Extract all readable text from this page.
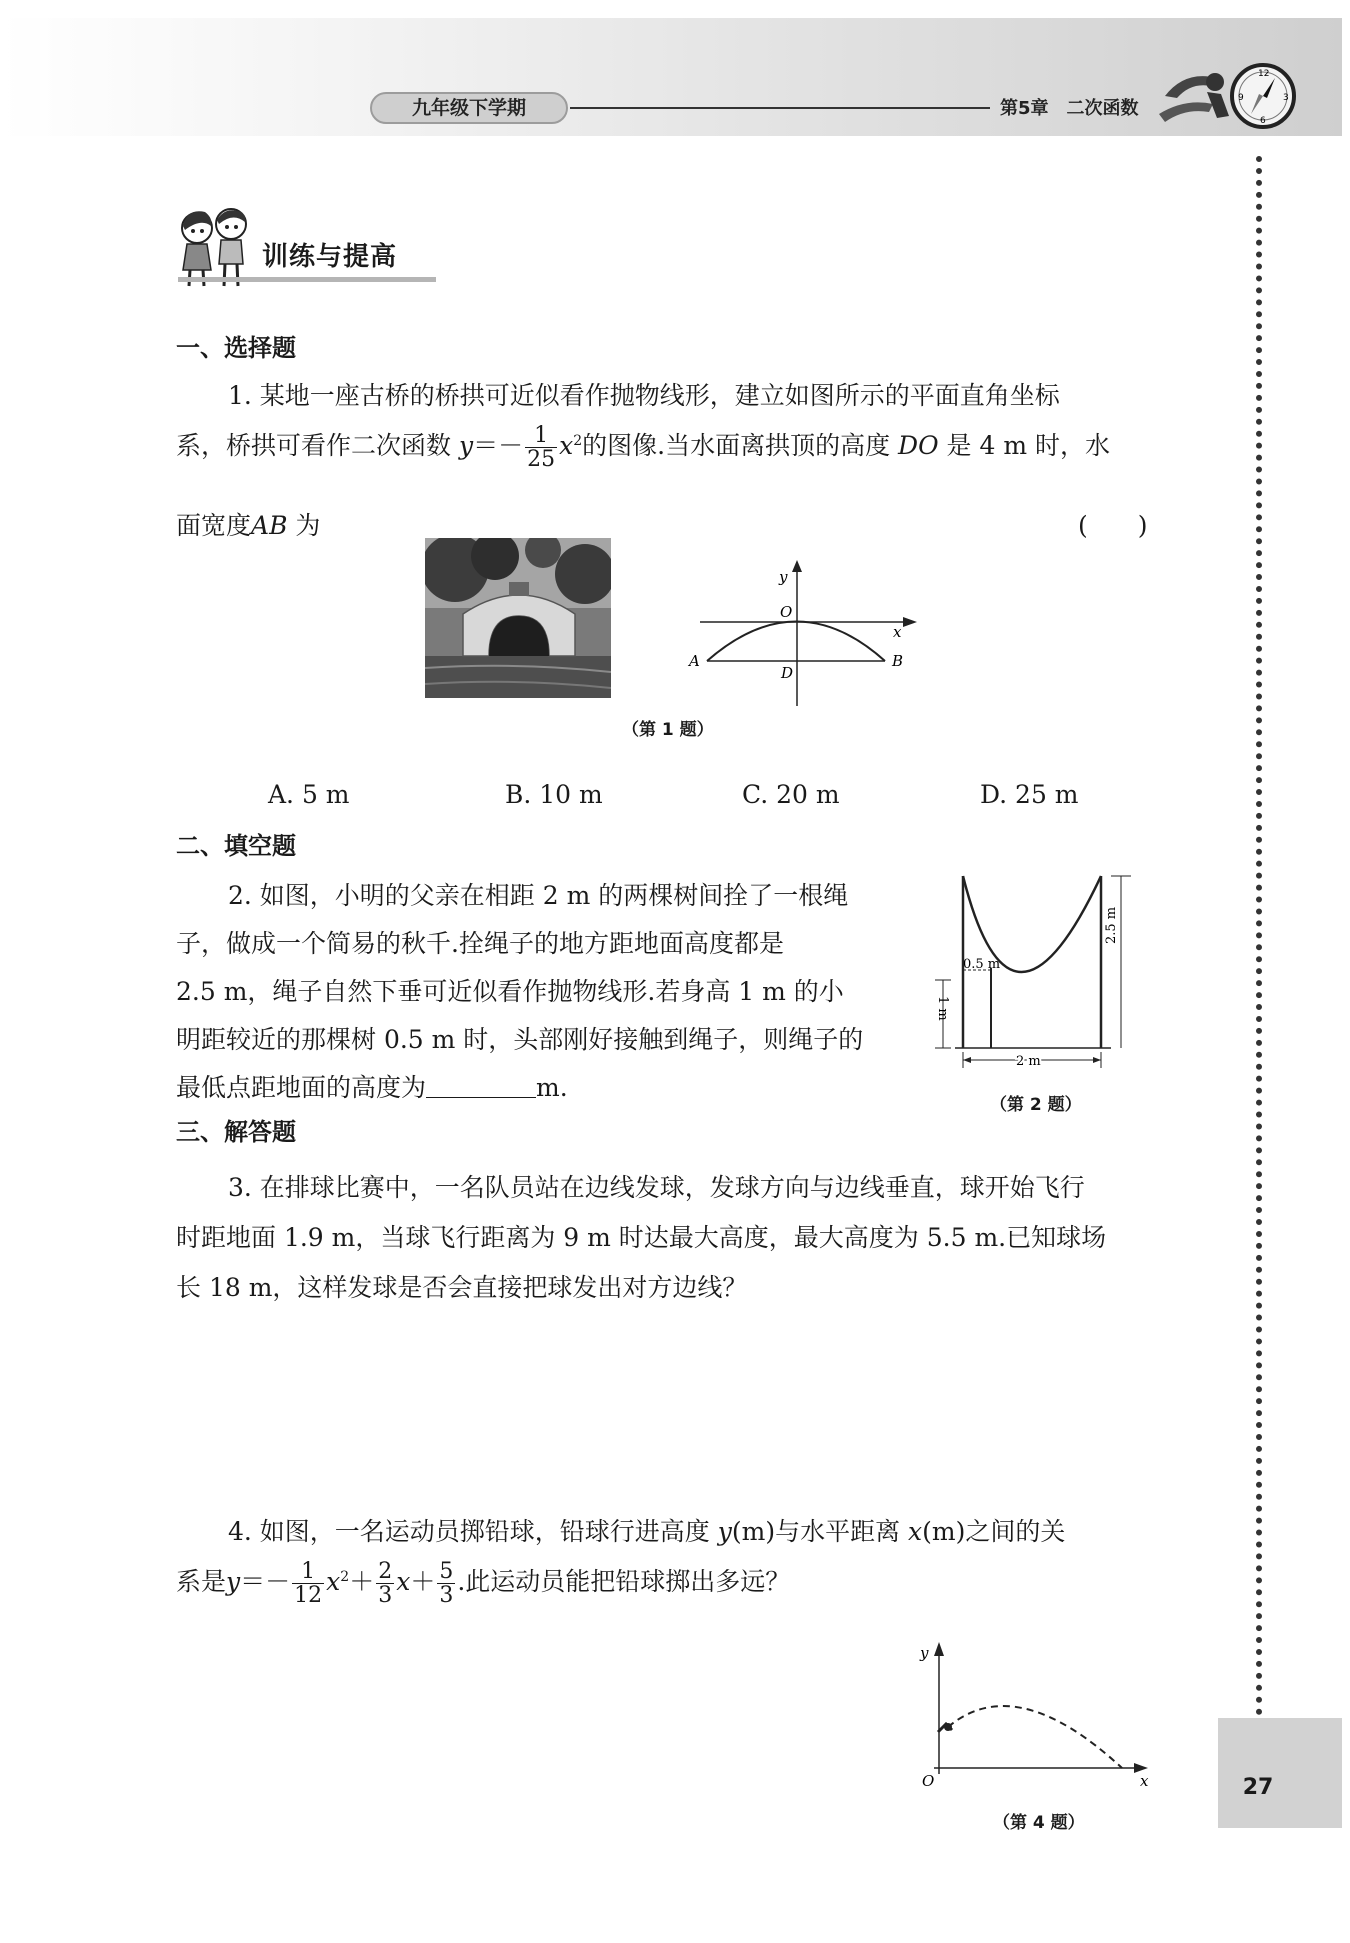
九年级下学期	第5章　二次函数
12
6
3
9
27
训练与提高
一、选择题
1. 某地一座古桥的桥拱可近似看作抛物线形，建立如图所示的平面直角坐标
系，桥拱可看作二次函数 $y=- \frac{1}{25} x^2$的图像.当水面离拱顶的高度 DO 是 4 m 时，水
面宽度AB 为	(　　)
y
O
x
A	B
D
（第 1 题）
A. 5 m	B. 10 m	C. 20 m	D. 25 m
二、填空题
2. 如图，小明的父亲在相距 2 m 的两棵树间拴了一根绳
子，做成一个简易的秋千.拴绳子的地方距地面高度都是
2.5 m，绳子自然下垂可近似看作抛物线形.若身高 1 m 的小
明距较近的那棵树 0.5 m 时，头部刚好接触到绳子，则绳子的
最低点距地面的高度为	m.
0.5 m
1 m
2.5 m
2 m
（第 2 题）
三、解答题
3. 在排球比赛中，一名队员站在边线发球，发球方向与边线垂直，球开始飞行
时距地面 1.9 m，当球飞行距离为 9 m 时达最大高度，最大高度为 5.5 m.已知球场
长 18 m，这样发球是否会直接把球发出对方边线？
4. 如图，一名运动员掷铅球，铅球行进高度 y(m)与水平距离 x(m)之间的关
系是$y=- \frac{1}{12} x^2+ \frac{2}{3} x+ \frac{5}{3}$ .此运动员能把铅球掷出多远？
y
O	x
（第 4 题）
